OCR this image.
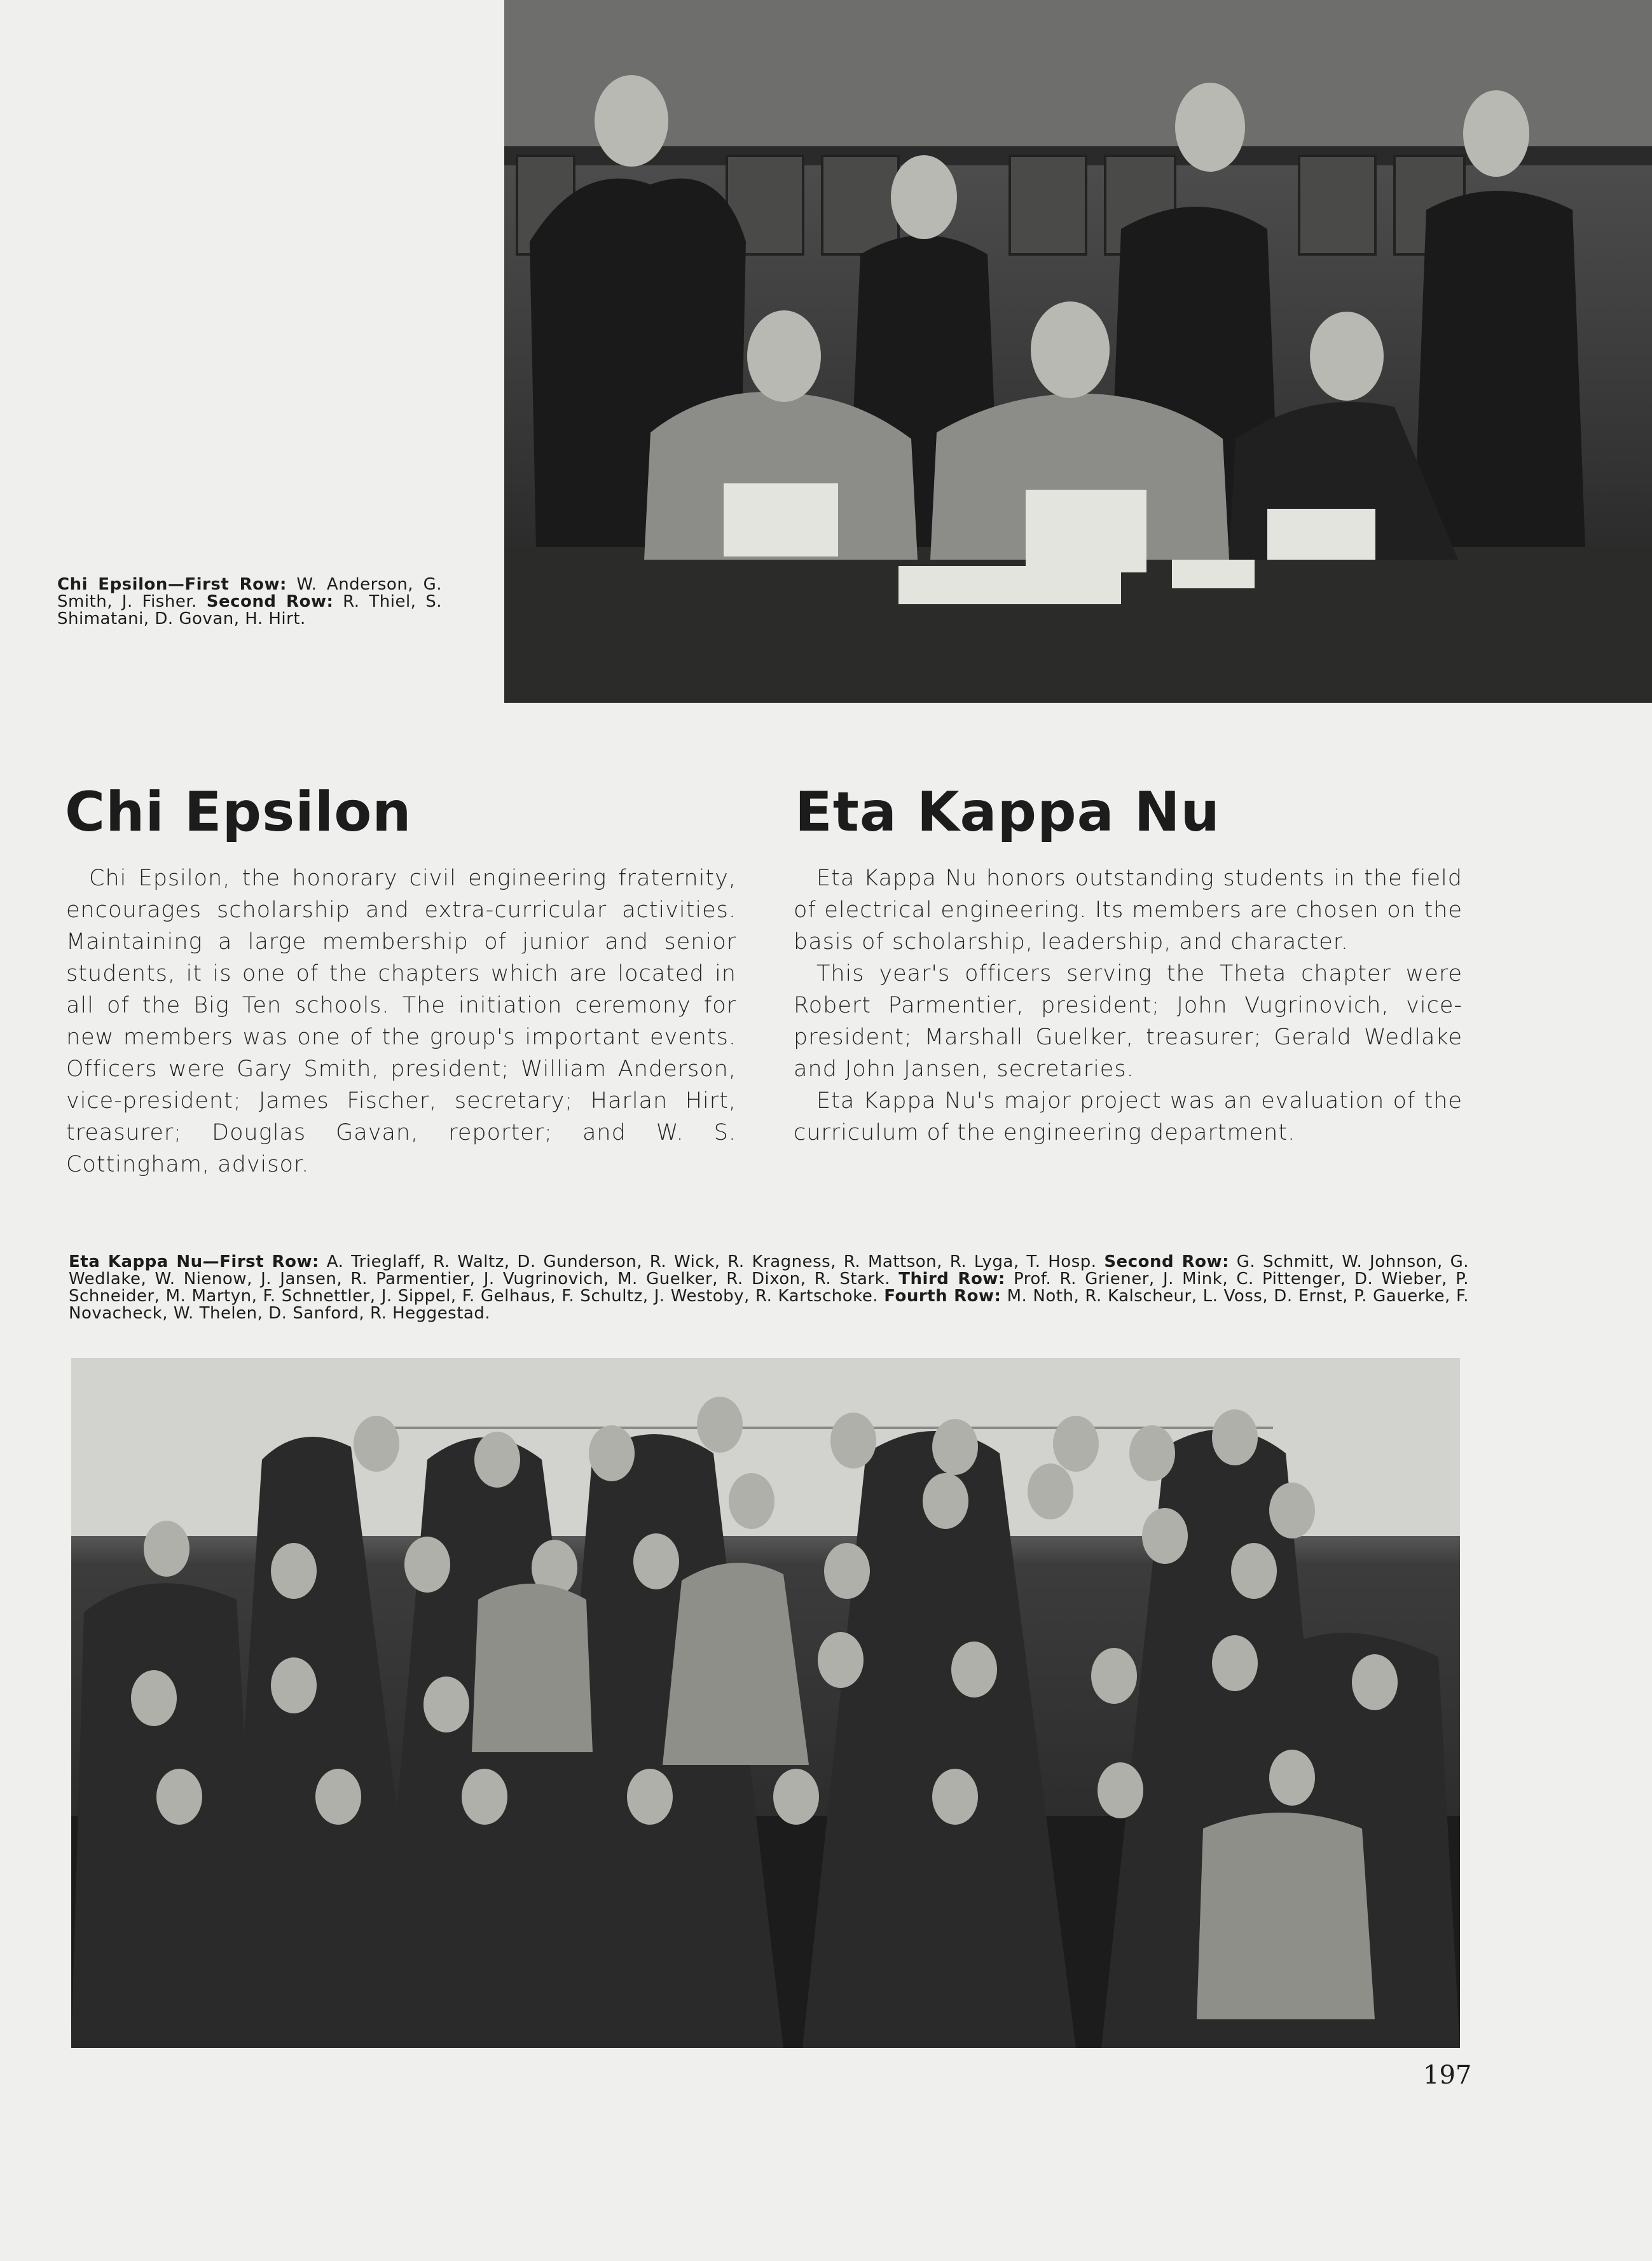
Chi Epsilon—First Row: W. Anderson, G. Smith, J. Fisher. Second Row: R. Thiel, S. Shimatani, D. Govan, H. Hirt.
Chi Epsilon	Eta Kappa Nu

Chi Epsilon, the honorary civil engineering fraternity, encourages scholarship and extra-curricular activities. Maintaining a large membership of junior and senior students, it is one of the chapters which are located in all of the Big Ten schools. The initiation ceremony for new members was one of the group's important events. Officers were Gary Smith, president; William Anderson, vice-president; James Fischer, secretary; Harlan Hirt, treasurer; Douglas Gavan, reporter; and W. S. Cottingham, advisor.

Eta Kappa Nu honors outstanding students in the field of electrical engineering. Its members are chosen on the basis of scholarship, leadership, and character.

This year's officers serving the Theta chapter were Robert Parmentier, president; John Vugrinovich, vice-president; Marshall Guelker, treasurer; Gerald Wedlake and John Jansen, secretaries.

Eta Kappa Nu's major project was an evaluation of the curriculum of the engineering department.

Eta Kappa Nu—First Row: A. Trieglaff, R. Waltz, D. Gunderson, R. Wick, R. Kragness, R. Mattson, R. Lyga, T. Hosp. Second Row: G. Schmitt, W. Johnson, G. Wedlake, W. Nienow, J. Jansen, R. Parmentier, J. Vugrinovich, M. Guelker, R. Dixon, R. Stark. Third Row: Prof. R. Griener, J. Mink, C. Pittenger, D. Wieber, P. Schneider, M. Martyn, F. Schnettler, J. Sippel, F. Gelhaus, F. Schultz, J. Westoby, R. Kartschoke. Fourth Row: M. Noth, R. Kalscheur, L. Voss, D. Ernst, P. Gauerke, F. Novacheck, W. Thelen, D. Sanford, R. Heggestad.
197
